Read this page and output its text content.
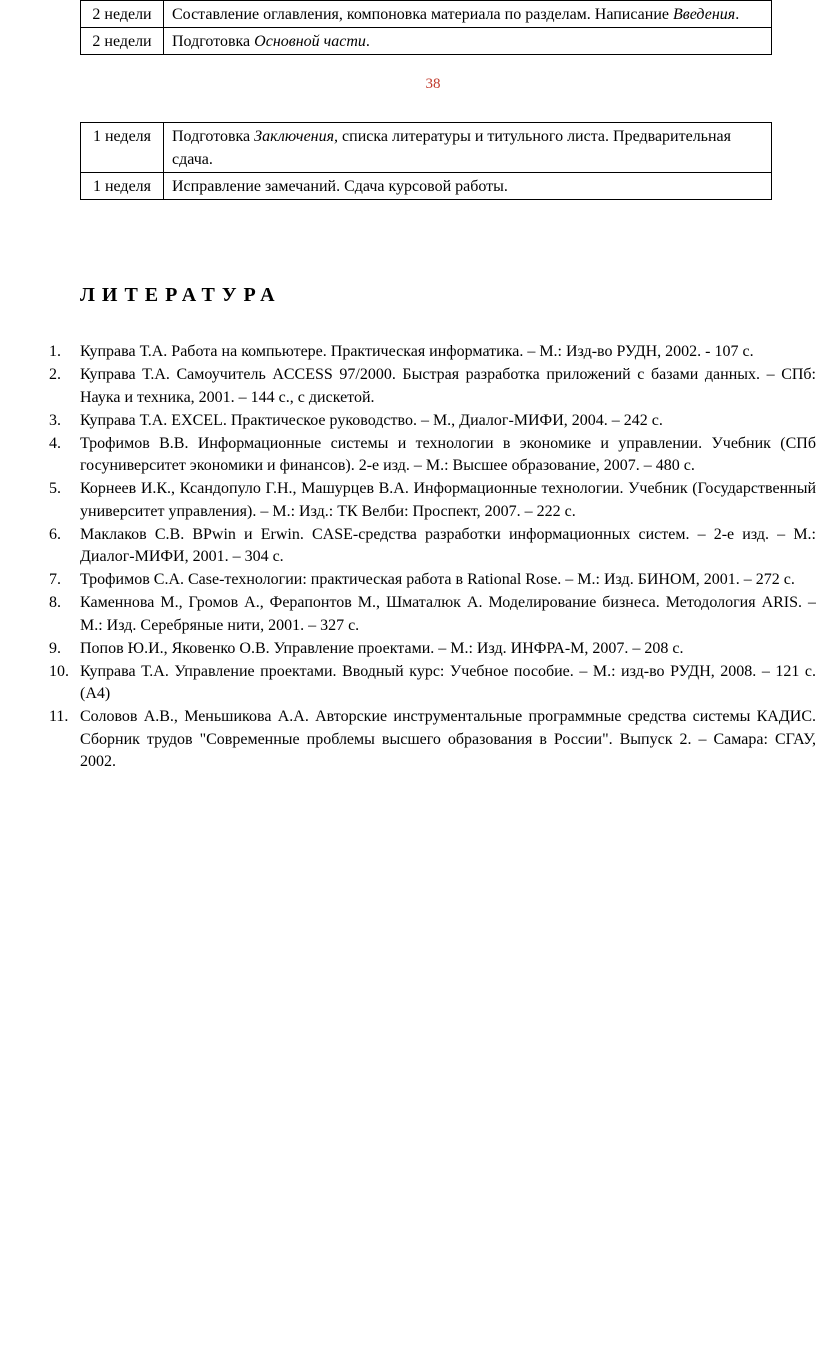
2 недели	Составление оглавления, компоновка материала по разделам. Написание Введения.
2 недели	Подготовка Основной части.
38
1 неделя	Подготовка Заключения, списка литературы и титульного листа. Предварительная сдача.
1 неделя	Исправление замечаний. Сдача курсовой работы.
ЛИТЕРАТУРА
1.	Куправа Т.А. Работа на компьютере. Практическая информатика. – М.: Изд-во РУДН, 2002. - 107 с.
2.	Куправа Т.А. Самоучитель ACCESS 97/2000. Быстрая разработка приложений с базами данных. – СПб: Наука и техника, 2001. – 144 с., с дискетой.
3.	Куправа Т.А. EXCEL. Практическое руководство. – М., Диалог-МИФИ, 2004. – 242 с.
4.	Трофимов В.В. Информационные системы и технологии в экономике и управлении. Учебник (СПб госуниверситет экономики и финансов). 2-е изд. – М.: Высшее образование, 2007. – 480 с.
5.	Корнеев И.К., Ксандопуло Г.Н., Машурцев В.А. Информационные технологии. Учебник (Государственный университет управления). – М.: Изд.: ТК Велби: Проспект, 2007. – 222 с.
6.	Маклаков С.В. BPwin и Erwin. CASE-средства разработки информационных систем. – 2-е изд. – М.: Диалог-МИФИ, 2001. – 304 с.
7.	Трофимов С.А. Case-технологии: практическая работа в Rational Rose. – М.: Изд. БИНОМ, 2001. – 272 с.
8.	Каменнова М., Громов А., Ферапонтов М., Шматалюк А. Моделирование бизнеса. Методология ARIS. – М.: Изд. Серебряные нити, 2001. – 327 с.
9.	Попов Ю.И., Яковенко О.В. Управление проектами. – М.: Изд. ИНФРА-М, 2007. – 208 с.
10. Куправа Т.А. Управление проектами. Вводный курс: Учебное пособие. – М.: изд-во РУДН, 2008. – 121 с. (А4)
11. Соловов А.В., Меньшикова А.А. Авторские инструментальные программные средства системы КАДИС. Сборник трудов "Современные проблемы высшего образования в России". Выпуск 2. – Самара: СГАУ, 2002.
